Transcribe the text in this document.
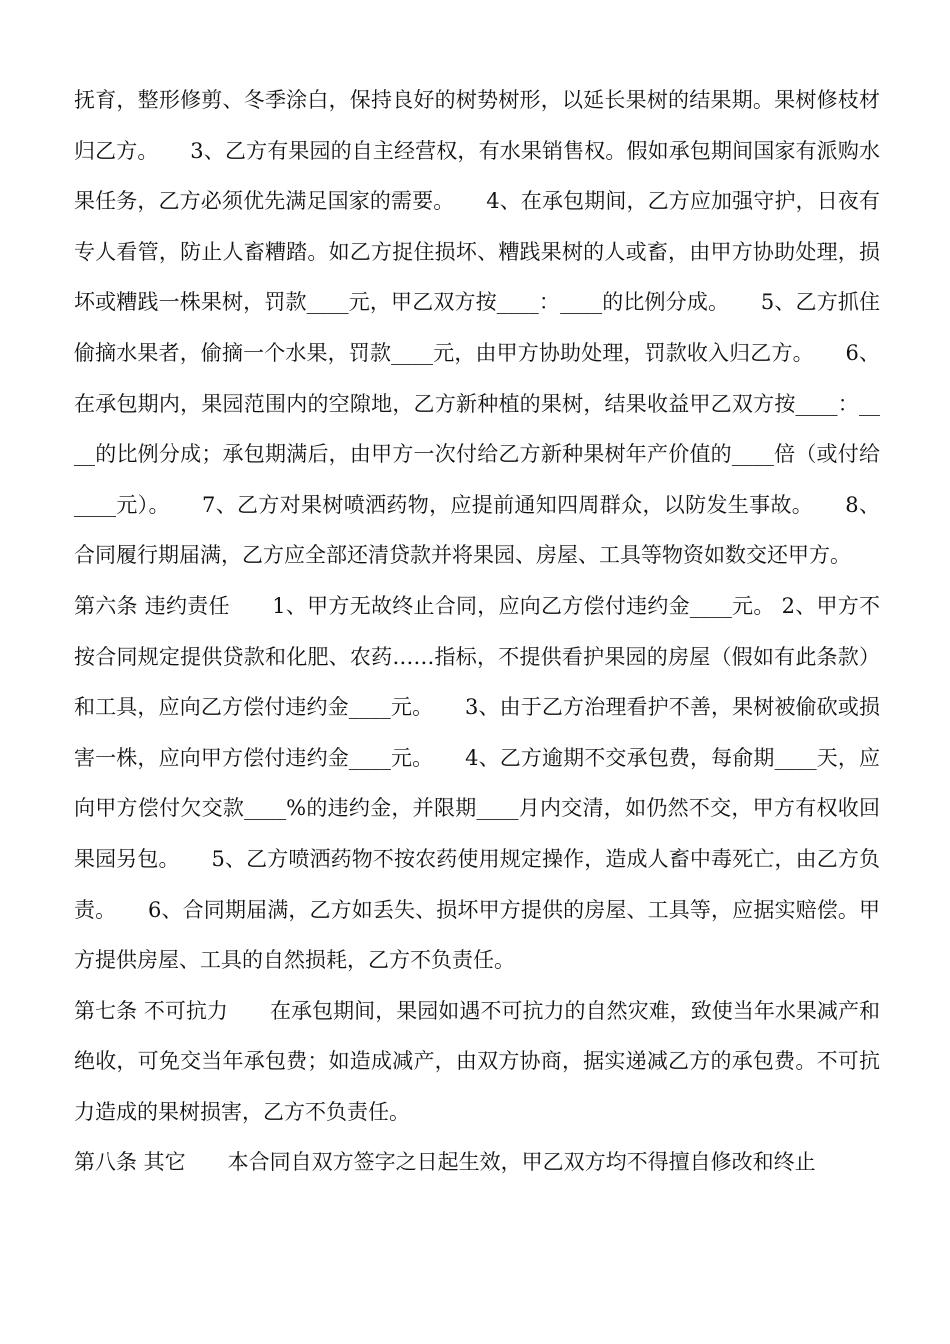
抚育，整形修剪、冬季涂白，保持良好的树势树形，以延长果树的结果期。果树修枝材归乙方。　　3、乙方有果园的自主经营权，有水果销售权。假如承包期间国家有派购水果任务，乙方必须优先满足国家的需要。　　4、在承包期间，乙方应加强守护，日夜有专人看管，防止人畜糟踏。如乙方捉住损坏、糟践果树的人或畜，由甲方协助处理，损坏或糟践一株果树，罚款____元，甲乙双方按____：____的比例分成。　　5、乙方抓住偷摘水果者，偷摘一个水果，罚款____元，由甲方协助处理，罚款收入归乙方。　　6、在承包期内，果园范围内的空隙地，乙方新种植的果树，结果收益甲乙双方按____：____的比例分成；承包期满后，由甲方一次付给乙方新种果树年产价值的____倍（或付给____元）。　　7、乙方对果树喷洒药物，应提前通知四周群众，以防发生事故。　　8、合同履行期届满，乙方应全部还清贷款并将果园、房屋、工具等物资如数交还甲方。

第六条 违约责任　　1、甲方无故终止合同，应向乙方偿付违约金____元。 2、甲方不按合同规定提供贷款和化肥、农药……指标，不提供看护果园的房屋（假如有此条款）和工具，应向乙方偿付违约金____元。　　3、由于乙方治理看护不善，果树被偷砍或损害一株，应向甲方偿付违约金____元。　　4、乙方逾期不交承包费，每俞期____天，应向甲方偿付欠交款____%的违约金，并限期____月内交清，如仍然不交，甲方有权收回果园另包。　　5、乙方喷洒药物不按农药使用规定操作，造成人畜中毒死亡，由乙方负责。　　6、合同期届满，乙方如丢失、损坏甲方提供的房屋、工具等，应据实赔偿。甲方提供房屋、工具的自然损耗，乙方不负责任。

第七条 不可抗力　　在承包期间，果园如遇不可抗力的自然灾难，致使当年水果减产和绝收，可免交当年承包费；如造成减产，由双方协商，据实递减乙方的承包费。不可抗力造成的果树损害，乙方不负责任。

第八条 其它　　本合同自双方签字之日起生效，甲乙双方均不得擅自修改和终止
